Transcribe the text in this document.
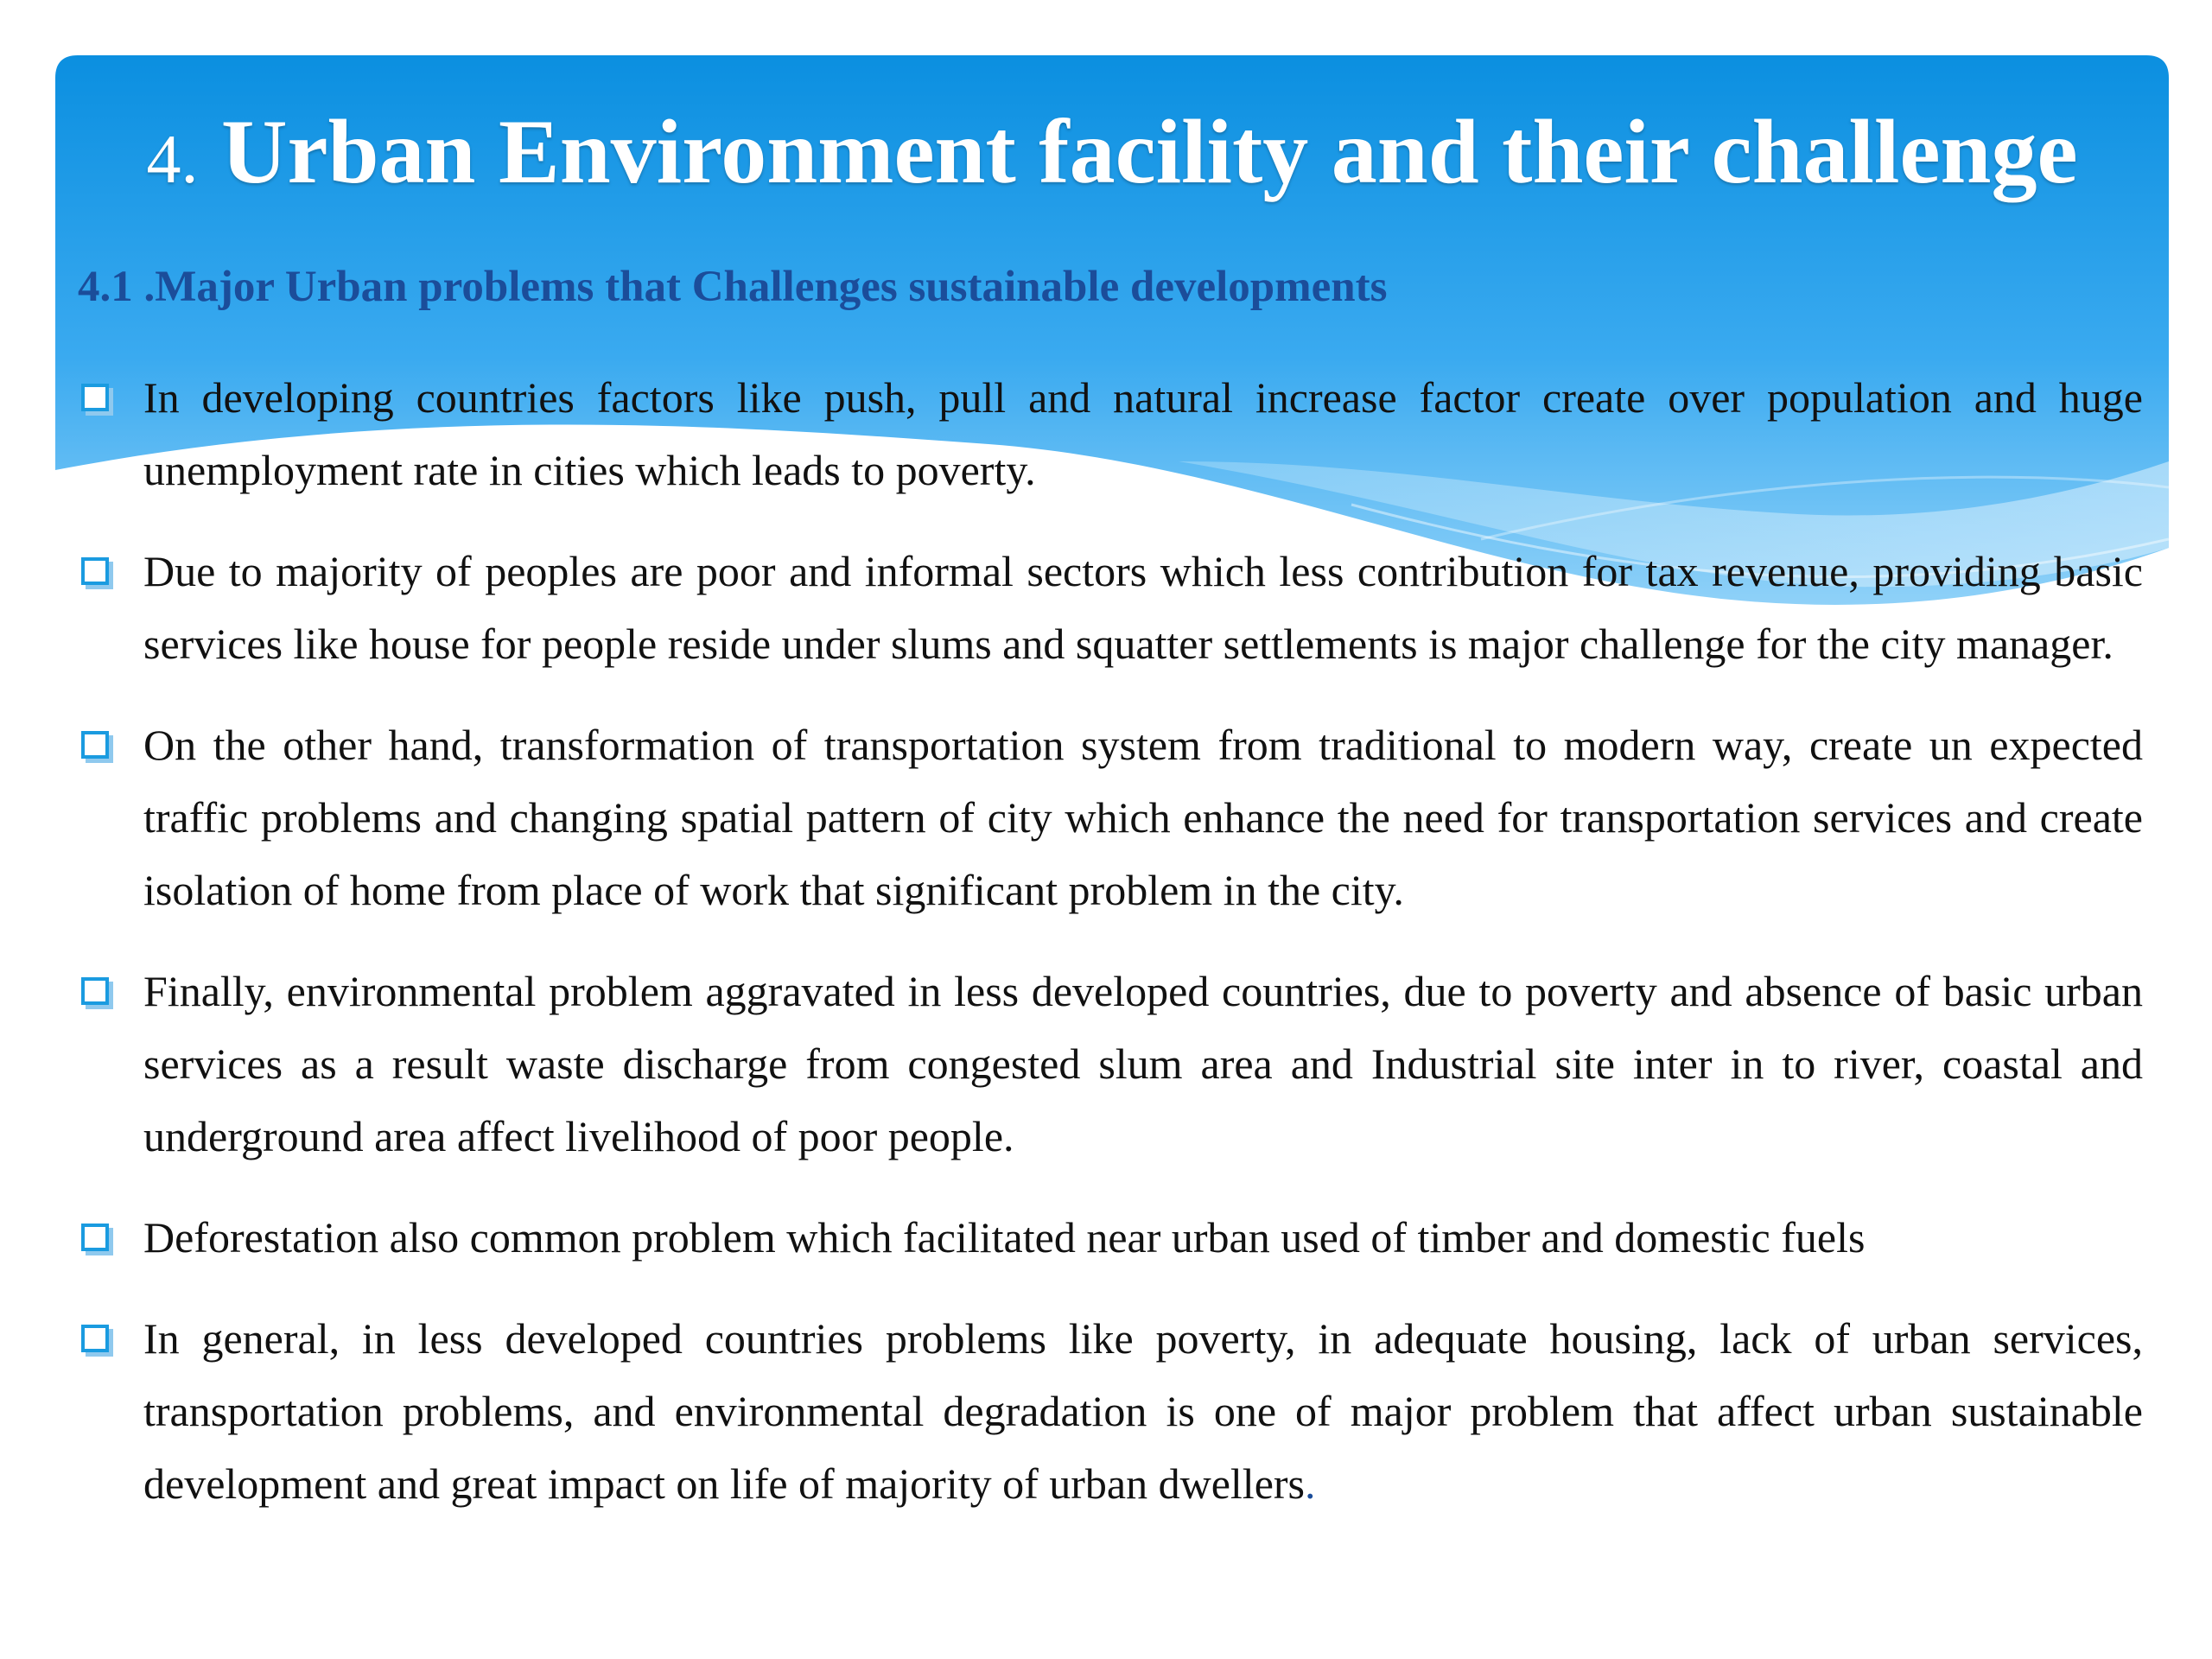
4. Urban Environment facility and their challenge
4.1 .Major Urban problems that Challenges sustainable developments
In developing countries factors like push, pull and natural increase factor create over population and huge unemployment rate in cities which leads to poverty.
Due to majority of peoples are poor and informal sectors which less contribution for tax revenue, providing basic services like house for people reside under slums and squatter settlements is major challenge for the city manager.
On the other hand, transformation of transportation system from traditional to modern way, create un expected traffic problems and changing spatial pattern of city which enhance the need for transportation services and create isolation of home from place of work that significant problem in the city.
Finally, environmental problem aggravated in less developed countries, due to poverty and absence of basic urban services as a result waste discharge from congested slum area and Industrial site inter in to river, coastal and underground area affect livelihood of poor people.
Deforestation also common problem which facilitated near urban used of timber and domestic fuels
In general, in less developed countries problems like poverty, in adequate housing, lack of urban services, transportation problems, and environmental degradation is one of major problem that affect urban sustainable development and great impact on life of majority of urban dwellers.
